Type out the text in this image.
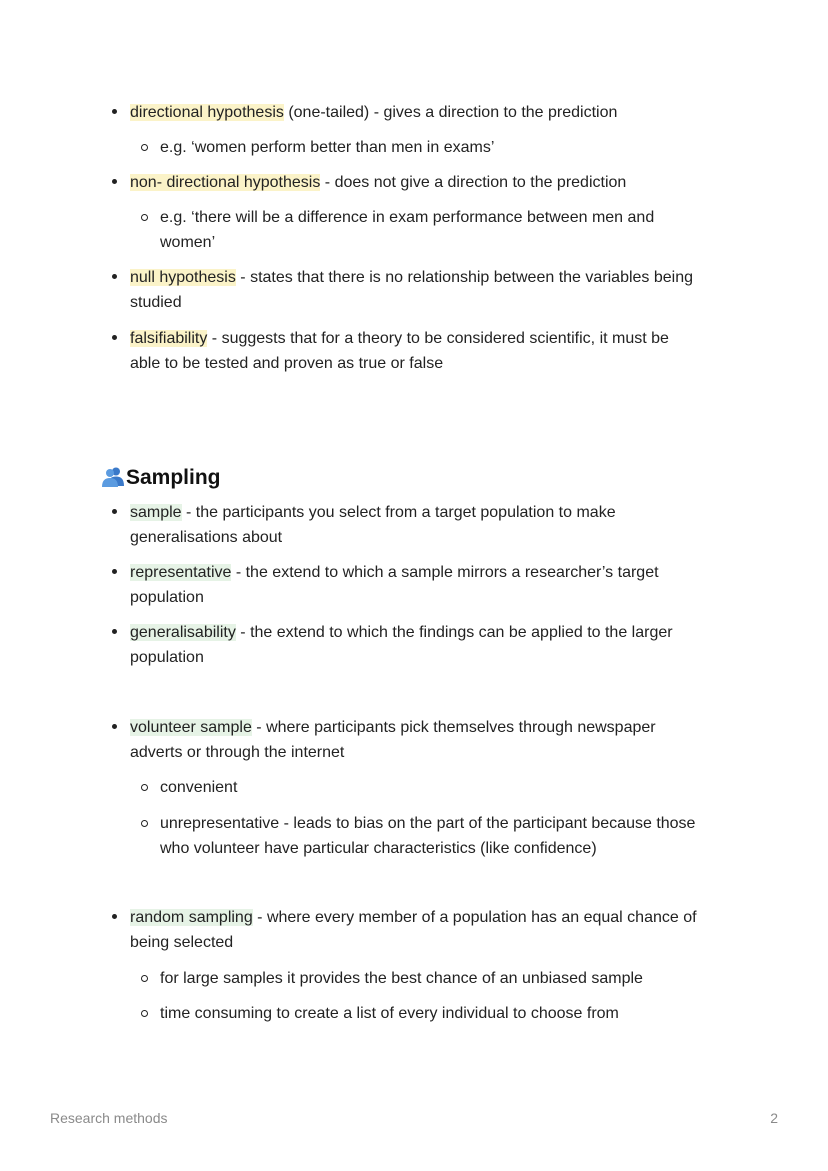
directional hypothesis (one-tailed) - gives a direction to the prediction
e.g. ‘women perform better than men in exams’
non- directional hypothesis - does not give a direction to the prediction
e.g. ‘there will be a difference in exam performance between men and
women’
null hypothesis - states that there is no relationship between the variables being
studied
falsifiability - suggests that for a theory to be considered scientific, it must be
able to be tested and proven as true or false
Sampling
sample - the participants you select from a target population to make
generalisations about
representative - the extend to which a sample mirrors a researcher’s target
population
generalisability - the extend to which the findings can be applied to the larger
population
volunteer sample - where participants pick themselves through newspaper
adverts or through the internet
convenient
unrepresentative - leads to bias on the part of the participant because those
who volunteer have particular characteristics (like confidence)
random sampling - where every member of a population has an equal chance of
being selected
for large samples it provides the best chance of an unbiased sample
time consuming to create a list of every individual to choose from
Research methods	2
